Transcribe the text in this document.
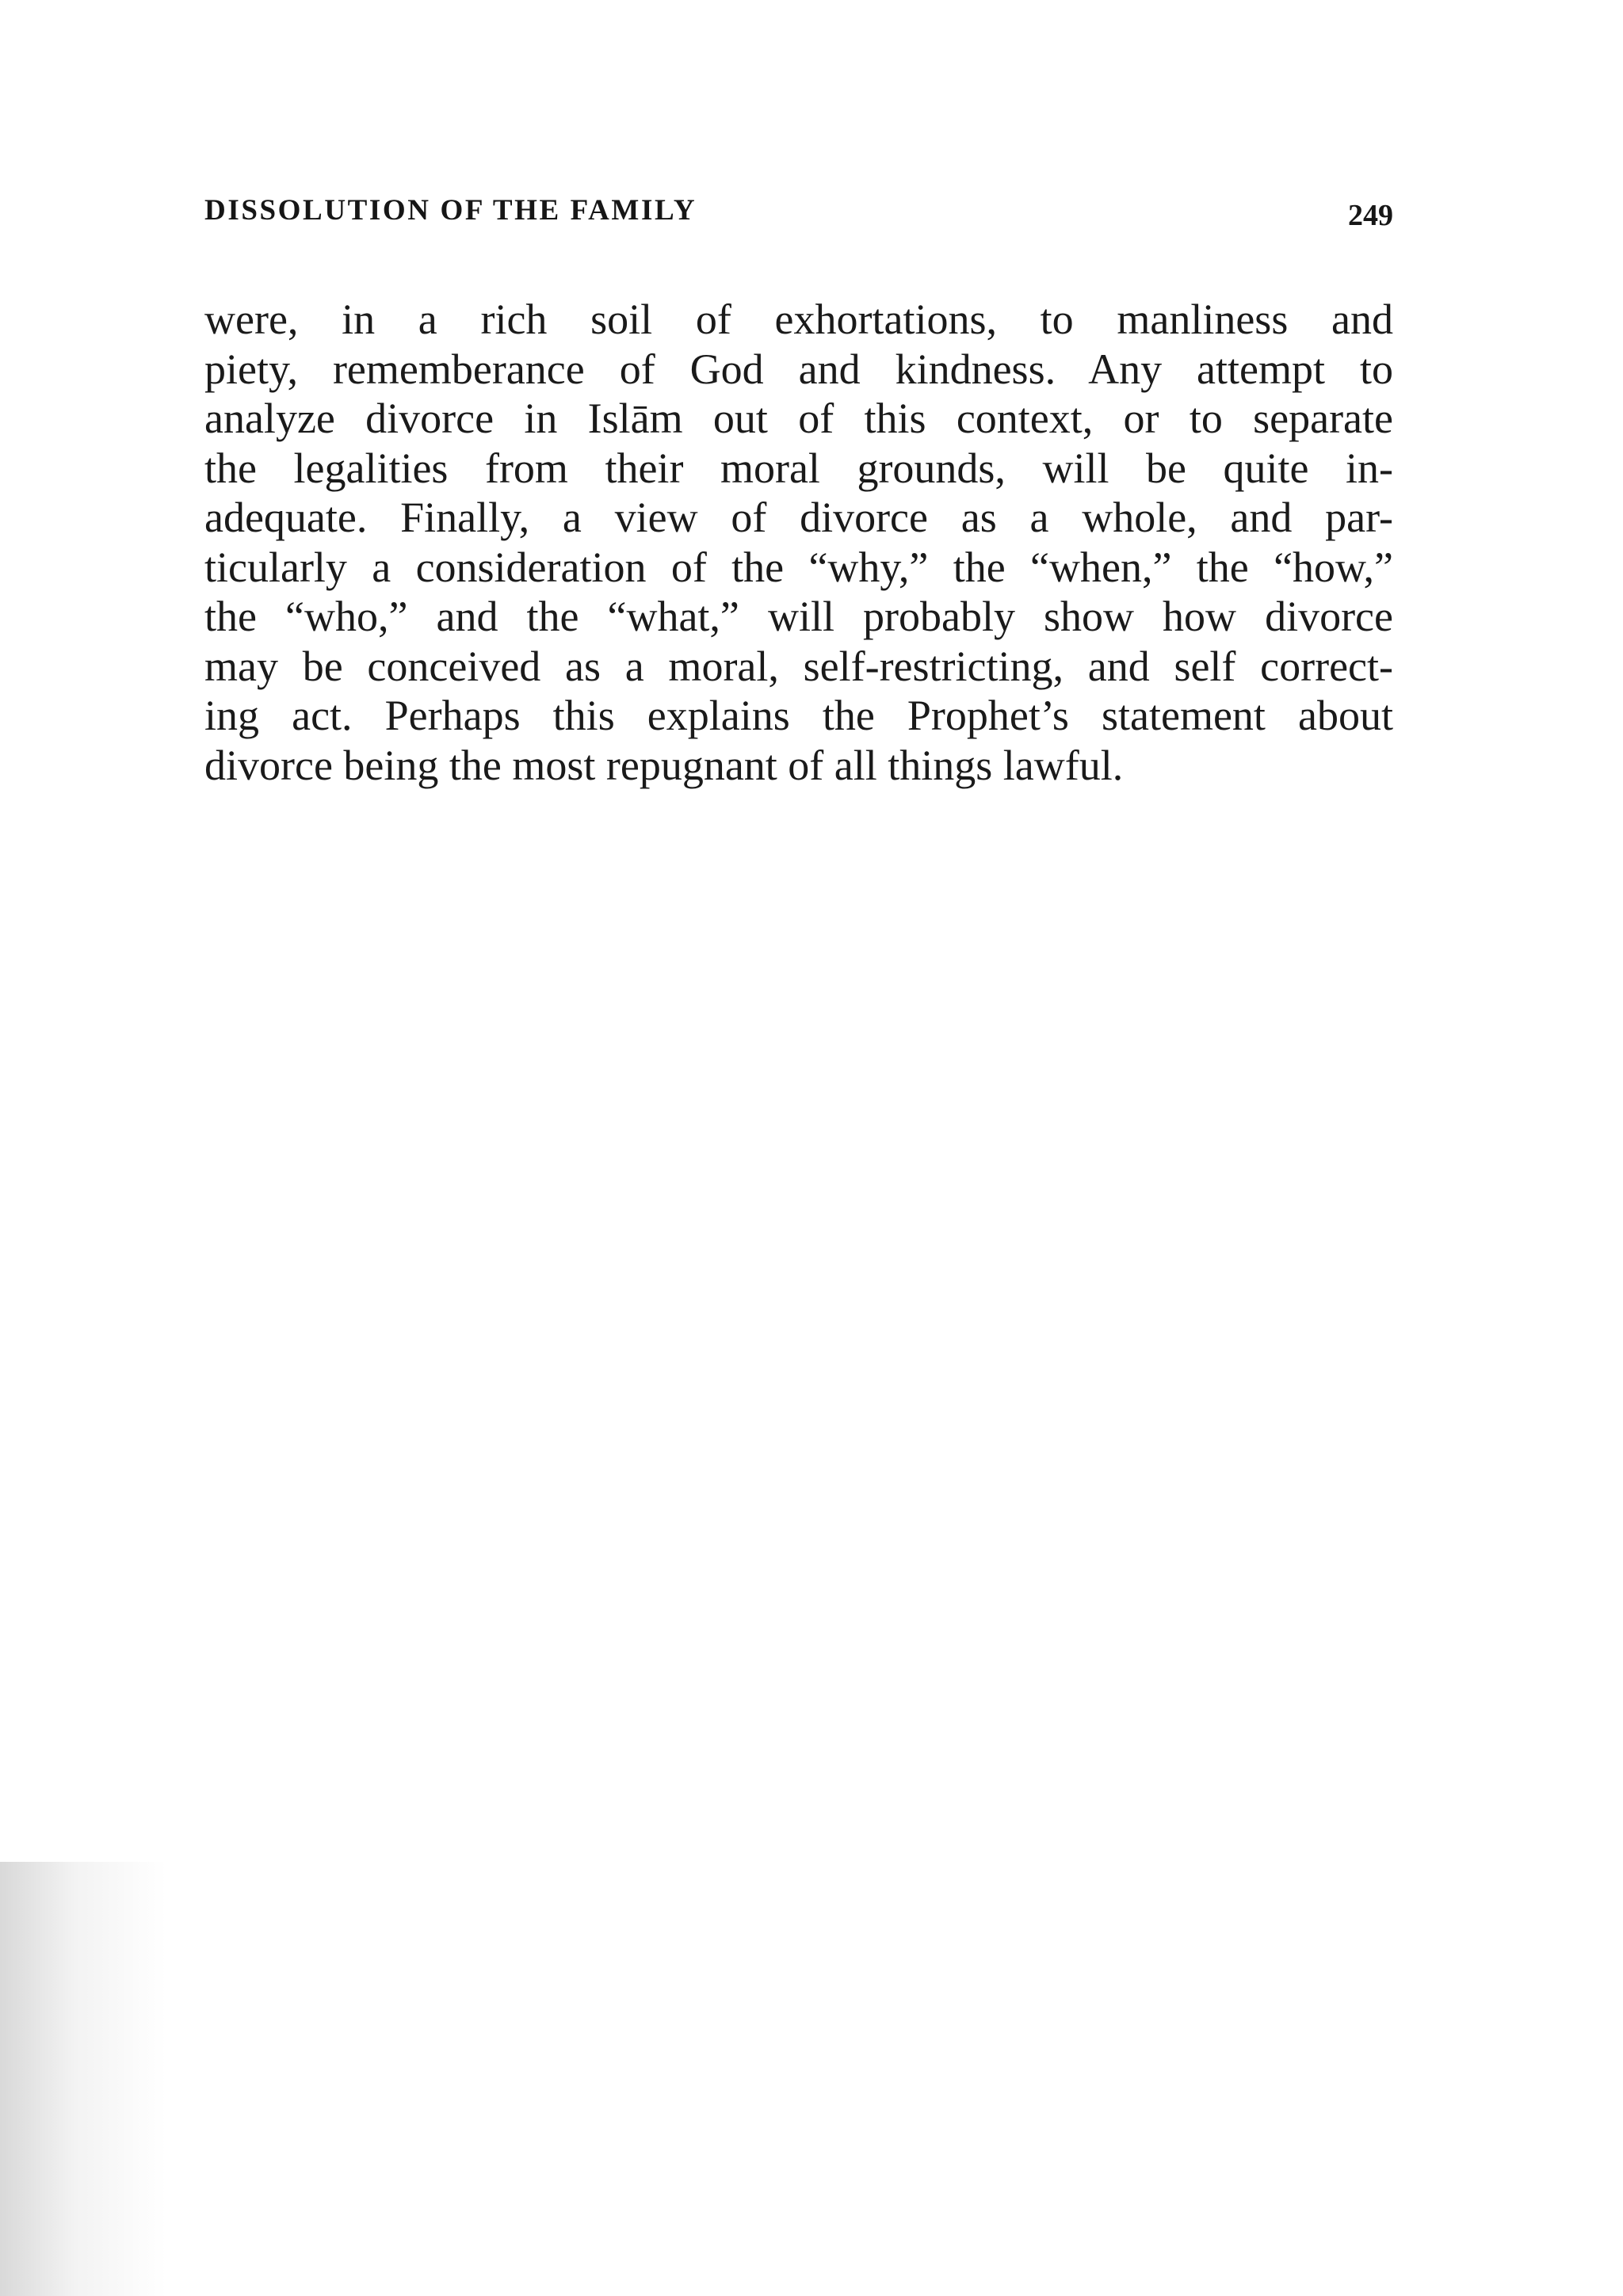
DISSOLUTION OF THE FAMILY	249
were, in a rich soil of exhortations, to manliness and
piety, rememberance of God and kindness. Any attempt to
analyze divorce in Islām out of this context, or to separate
the legalities from their moral grounds, will be quite in-
adequate. Finally, a view of divorce as a whole, and par-
ticularly a consideration of the “why,” the “when,” the “how,”
the “who,” and the “what,” will probably show how divorce
may be conceived as a moral, self-restricting, and self correct-
ing act. Perhaps this explains the Prophet’s statement about
divorce being the most repugnant of all things lawful.
